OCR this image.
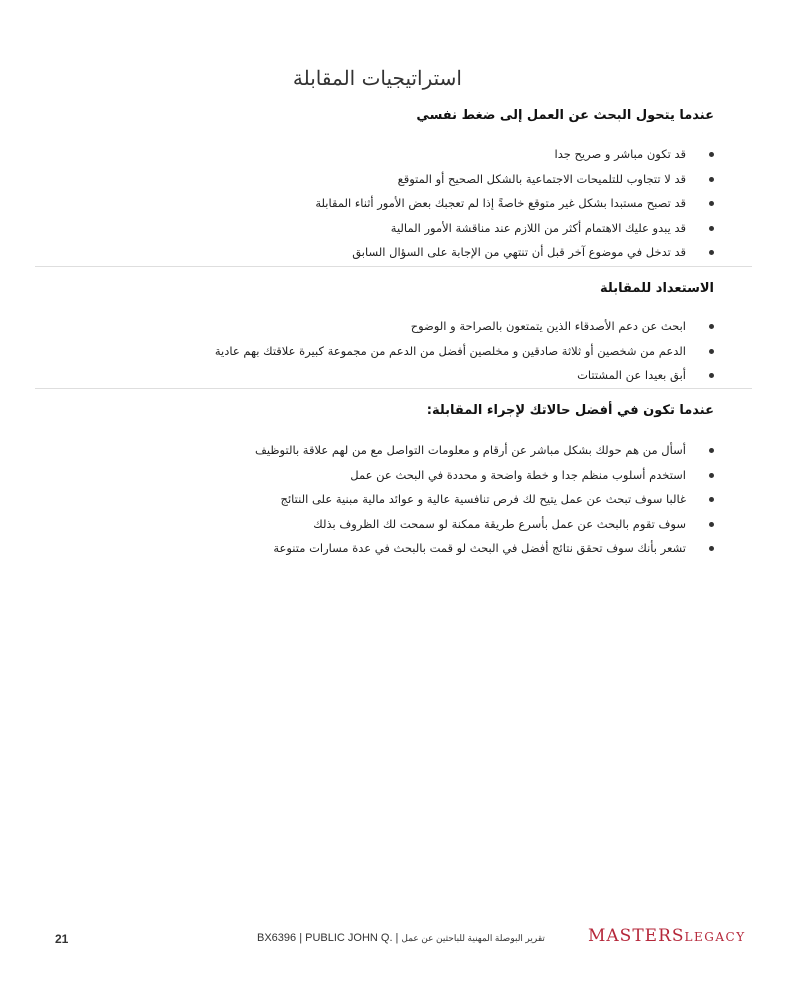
استراتيجيات المقابلة
عندما يتحول البحث عن العمل إلى ضغط نفسي
قد تكون مباشر و صريح جدا
قد لا تتجاوب للتلميحات الاجتماعية بالشكل الصحيح أو المتوقع
قد تصبح مستبدا بشكل غير متوقع خاصةً إذا لم تعجبك بعض الأمور أثناء المقابلة
قد يبدو عليك الاهتمام أكثر من اللازم عند مناقشة الأمور المالية
قد تدخل في موضوع آخر قبل أن تنتهي من الإجابة على السؤال السابق
الاستعداد للمقابلة
ابحث عن دعم الأصدقاء الذين يتمتعون بالصراحة و الوضوح
الدعم من شخصين أو ثلاثة صادقين و مخلصين أفضل من الدعم من مجموعة كبيرة علاقتك بهم عادية
أبق بعيدا عن المشتتات
عندما تكون في أفضل حالاتك لإجراء المقابلة:
أسأل من هم حولك بشكل مباشر عن أرقام و معلومات التواصل مع من لهم علاقة بالتوظيف
استخدم أسلوب منظم جدا و خطة واضحة و محددة في البحث عن عمل
غالبا سوف تبحث عن عمل يتيح لك فرص تنافسية عالية و عوائد مالية مبنية على النتائج
سوف تقوم بالبحث عن عمل بأسرع طريقة ممكنة لو سمحت لك الظروف بذلك
تشعر بأنك سوف تحقق نتائج أفضل في البحث لو قمت بالبحث في عدة مسارات متنوعة
21	BX6396 | PUBLIC JOHN Q. | تقرير البوصلة المهنية للباحثين عن عمل	MASTERSLEGACY
